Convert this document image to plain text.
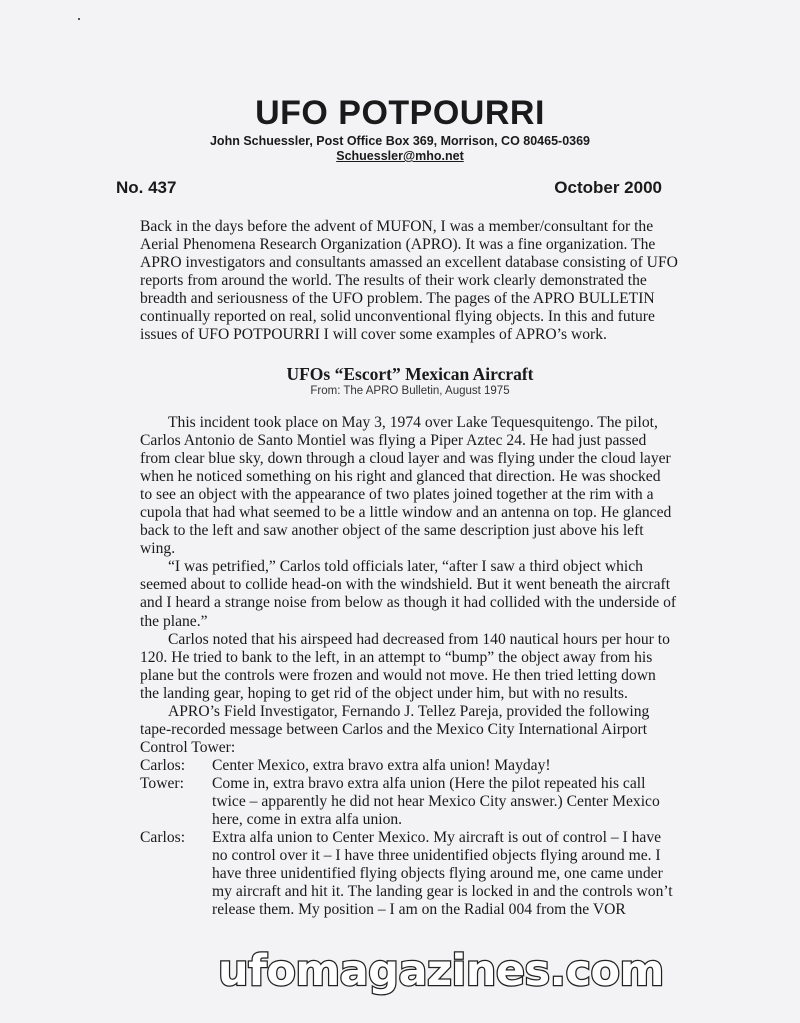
UFO POTPOURRI
John Schuessler, Post Office Box 369, Morrison, CO 80465-0369
Schuessler@mho.net
No. 437	October 2000
Back in the days before the advent of MUFON, I was a member/consultant for the
Aerial Phenomena Research Organization (APRO). It was a fine organization. The
APRO investigators and consultants amassed an excellent database consisting of UFO
reports from around the world. The results of their work clearly demonstrated the
breadth and seriousness of the UFO problem. The pages of the APRO BULLETIN
continually reported on real, solid unconventional flying objects. In this and future
issues of UFO POTPOURRI I will cover some examples of APRO’s work.
UFOs “Escort” Mexican Aircraft
From: The APRO Bulletin, August 1975
This incident took place on May 3, 1974 over Lake Tequesquitengo. The pilot,
Carlos Antonio de Santo Montiel was flying a Piper Aztec 24. He had just passed
from clear blue sky, down through a cloud layer and was flying under the cloud layer
when he noticed something on his right and glanced that direction. He was shocked
to see an object with the appearance of two plates joined together at the rim with a
cupola that had what seemed to be a little window and an antenna on top. He glanced
back to the left and saw another object of the same description just above his left
wing.
“I was petrified,” Carlos told officials later, “after I saw a third object which
seemed about to collide head-on with the windshield. But it went beneath the aircraft
and I heard a strange noise from below as though it had collided with the underside of
the plane.”
Carlos noted that his airspeed had decreased from 140 nautical hours per hour to
120. He tried to bank to the left, in an attempt to “bump” the object away from his
plane but the controls were frozen and would not move. He then tried letting down
the landing gear, hoping to get rid of the object under him, but with no results.
APRO’s Field Investigator, Fernando J. Tellez Pareja, provided the following
tape-recorded message between Carlos and the Mexico City International Airport
Control Tower:
Carlos:	Center Mexico, extra bravo extra alfa union! Mayday!
Tower:	Come in, extra bravo extra alfa union (Here the pilot repeated his call
twice – apparently he did not hear Mexico City answer.) Center Mexico
here, come in extra alfa union.
Carlos:	Extra alfa union to Center Mexico. My aircraft is out of control – I have
no control over it – I have three unidentified objects flying around me. I
have three unidentified flying objects flying around me, one came under
my aircraft and hit it. The landing gear is locked in and the controls won’t
release them. My position – I am on the Radial 004 from the VOR
ufomagazines.com
